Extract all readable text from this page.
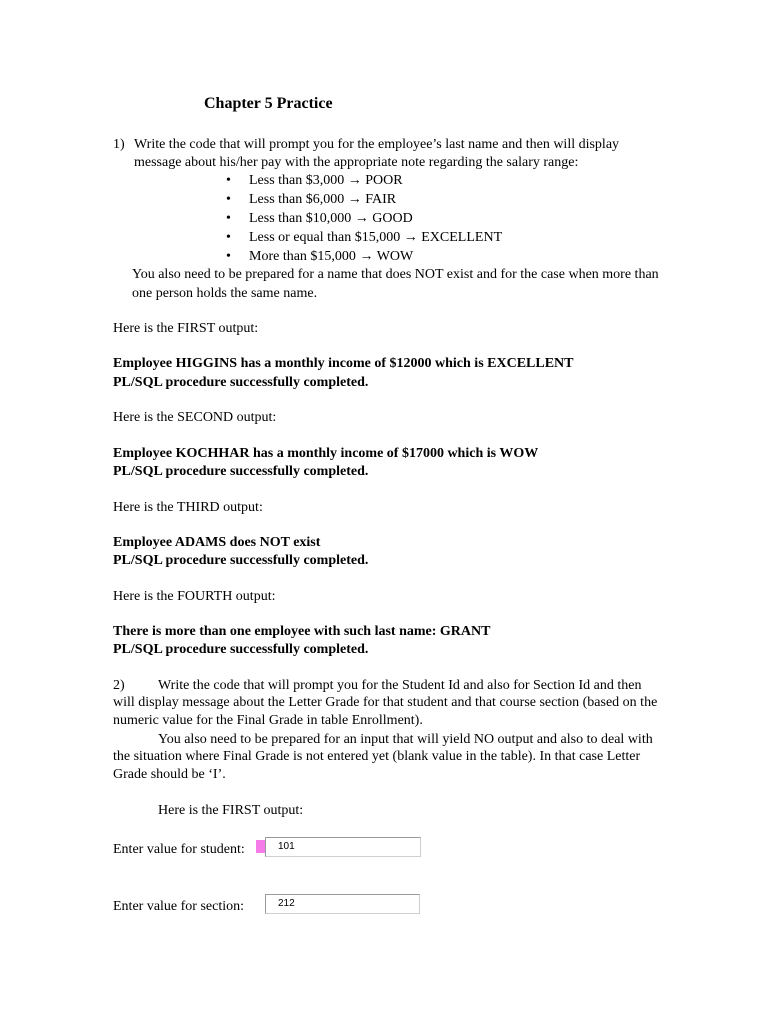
Chapter 5 Practice
1) Write the code that will prompt you for the employee’s last name and then will display
message about his/her pay with the appropriate note regarding the salary range:
• Less than $3,000 → POOR
• Less than $6,000 → FAIR
• Less than $10,000 → GOOD
• Less or equal than $15,000 → EXCELLENT
• More than $15,000 → WOW
You also need to be prepared for a name that does NOT exist and for the case when more than
one person holds the same name.
Here is the FIRST output:
Employee HIGGINS has a monthly income of $12000 which is EXCELLENT
PL/SQL procedure successfully completed.
Here is the SECOND output:
Employee KOCHHAR has a monthly income of $17000 which is WOW
PL/SQL procedure successfully completed.
Here is the THIRD output:
Employee ADAMS does NOT exist
PL/SQL procedure successfully completed.
Here is the FOURTH output:
There is more than one employee with such last name: GRANT
PL/SQL procedure successfully completed.
2) Write the code that will prompt you for the Student Id and also for Section Id and then
will display message about the Letter Grade for that student and that course section (based on the
numeric value for the Final Grade in table Enrollment).
You also need to be prepared for an input that will yield NO output and also to deal with
the situation where Final Grade is not entered yet (blank value in the table). In that case Letter
Grade should be ‘I’.
Here is the FIRST output:
Enter value for student:	101
Enter value for section:	212
